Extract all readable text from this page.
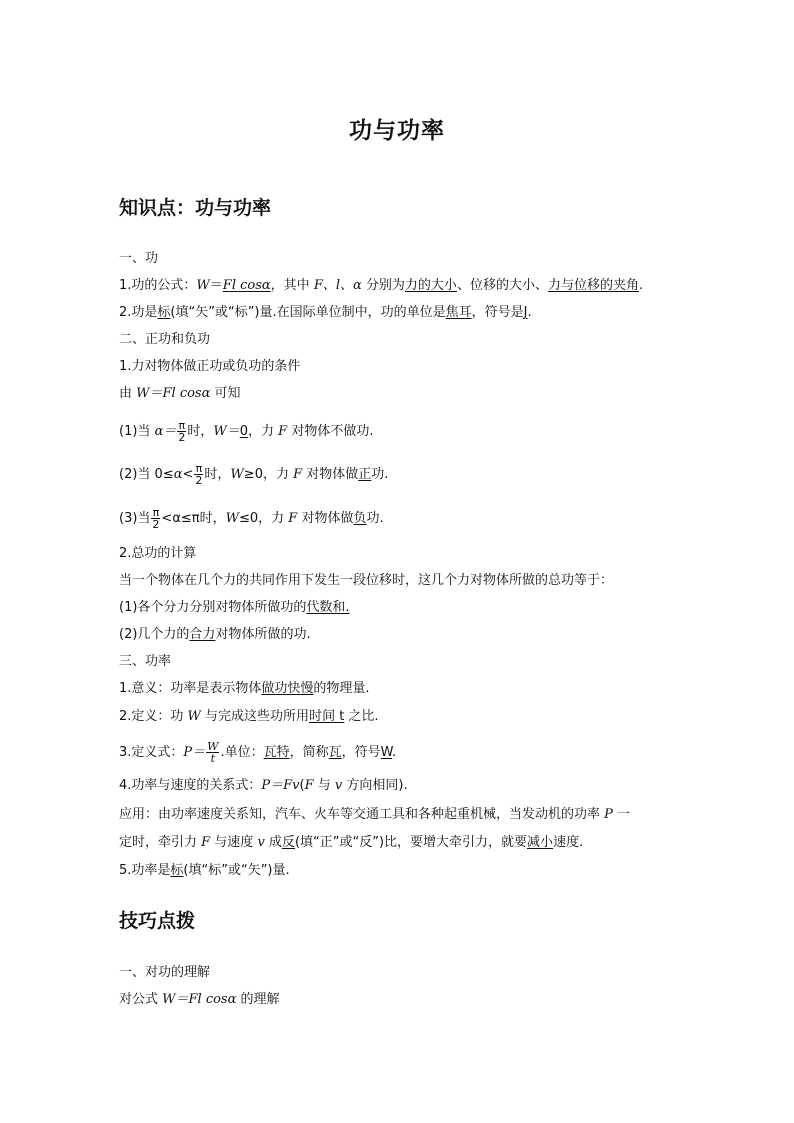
功与功率
知识点：功与功率
一、功
1.功的公式：W＝Fl cosα，其中 F、l、α 分别为力的大小、位移的大小、力与位移的夹角.
2.功是标(填“矢”或“标”)量.在国际单位制中，功的单位是焦耳，符号是J.
二、正功和负功
1.力对物体做正功或负功的条件
由 W＝Fl cosα 可知
(1)当 $\alpha= \frac{\pi}{2}$ 时，W＝0，力 F 对物体不做功.
(2)当 $0\le\alpha< \frac{\pi}{2}$ 时，W≥0，力 F 对物体做正功.
(3)当 $\frac{\pi}{2} <\alpha\le\pi$时，W≤0，力 F 对物体做负功.
2.总功的计算
当一个物体在几个力的共同作用下发生一段位移时，这几个力对物体所做的总功等于：
(1)各个分力分别对物体所做功的代数和.
(2)几个力的合力对物体所做的功.
三、功率
1.意义：功率是表示物体做功快慢的物理量.
2.定义：功 W 与完成这些功所用时间 t 之比.
3.定义式：$P= \frac{W}{t}$ .单位：瓦特，简称瓦，符号W.
4.功率与速度的关系式：P＝Fv(F 与 v 方向相同).
应用：由功率速度关系知，汽车、火车等交通工具和各种起重机械，当发动机的功率 P 一
定时，牵引力 F 与速度 v 成反(填“正”或“反”)比，要增大牵引力，就要减小速度.
5.功率是标(填“标”或“矢”)量.
技巧点拨
一、对功的理解
对公式 W＝Fl cosα 的理解
